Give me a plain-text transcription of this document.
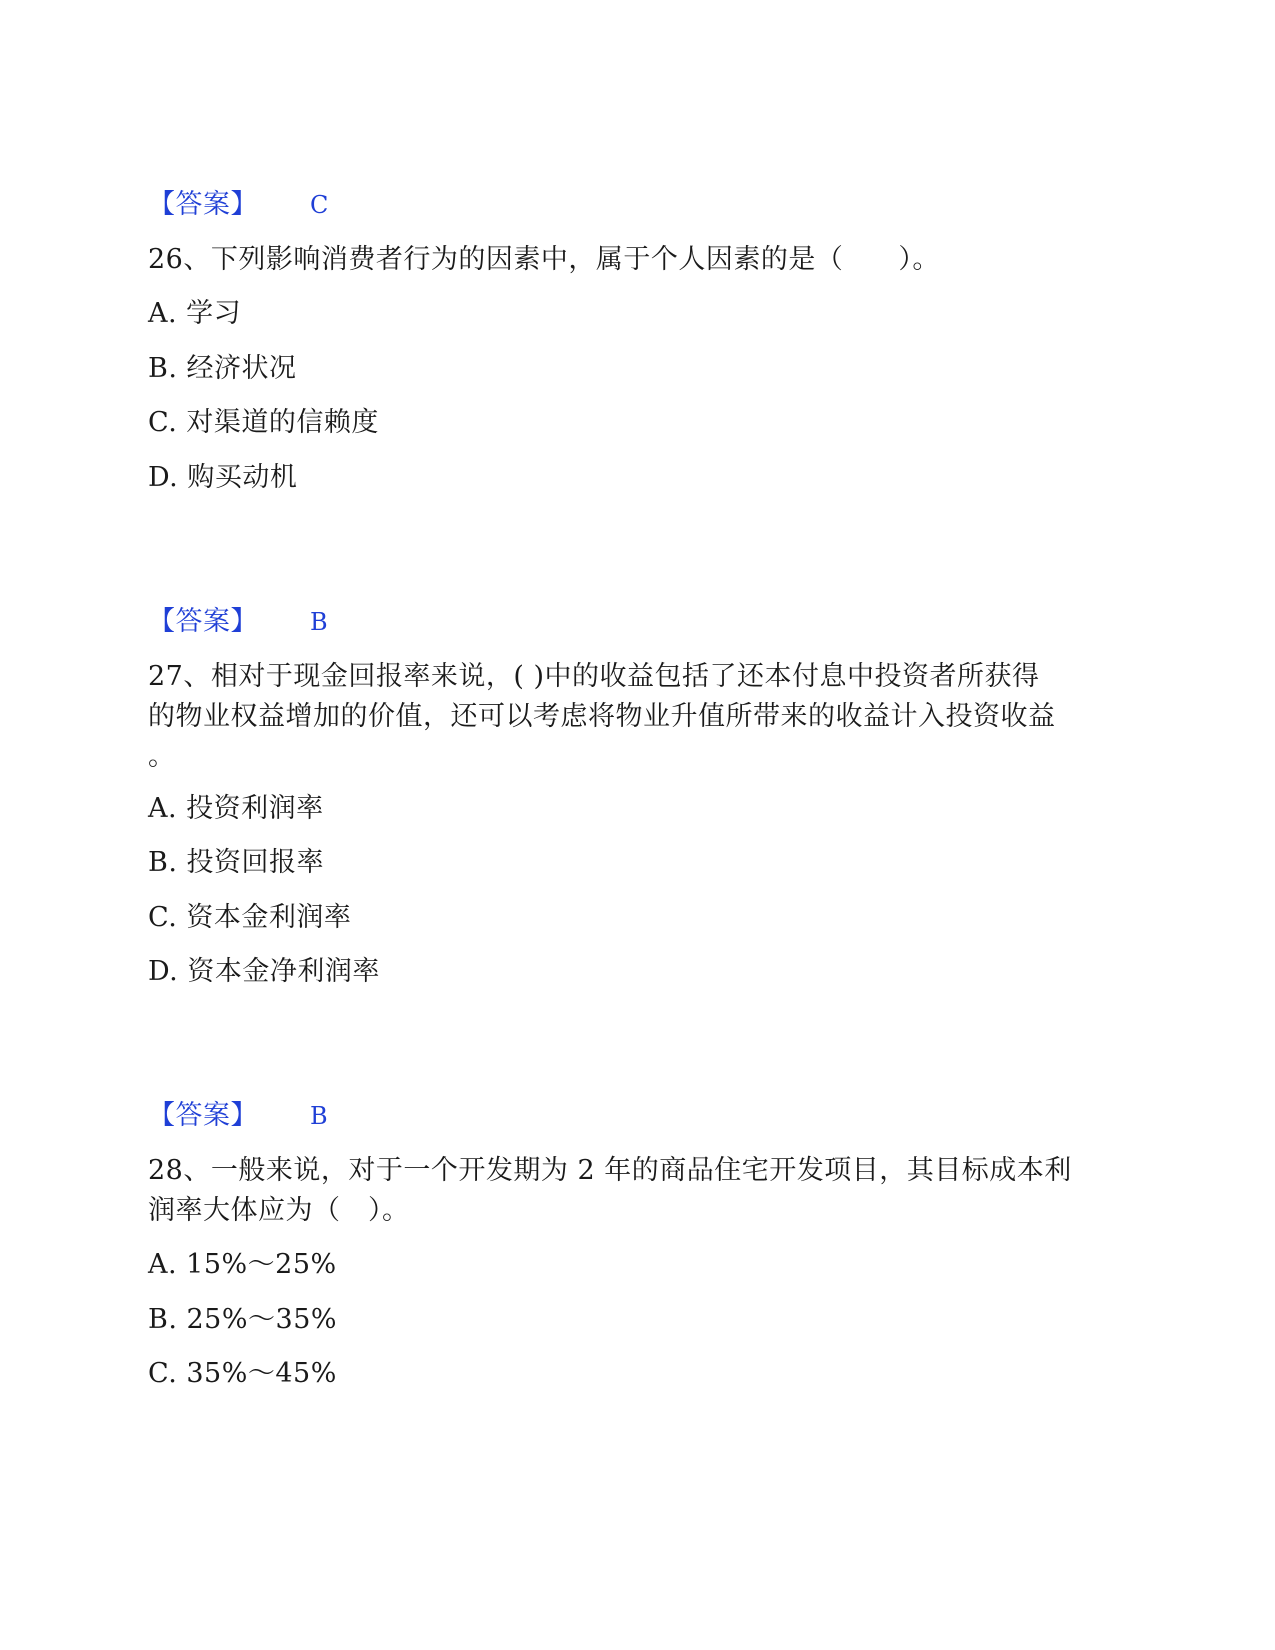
【答案】 C
26、下列影响消费者行为的因素中，属于个人因素的是（　　）。
A. 学习
B. 经济状况
C. 对渠道的信赖度
D. 购买动机
【答案】 B
27、相对于现金回报率来说，( )中的收益包括了还本付息中投资者所获得
的物业权益增加的价值，还可以考虑将物业升值所带来的收益计入投资收益
。
A. 投资利润率
B. 投资回报率
C. 资本金利润率
D. 资本金净利润率
【答案】 B
28、一般来说，对于一个开发期为 2 年的商品住宅开发项目，其目标成本利
润率大体应为（　）。
A. 15%～25%
B. 25%～35%
C. 35%～45%
